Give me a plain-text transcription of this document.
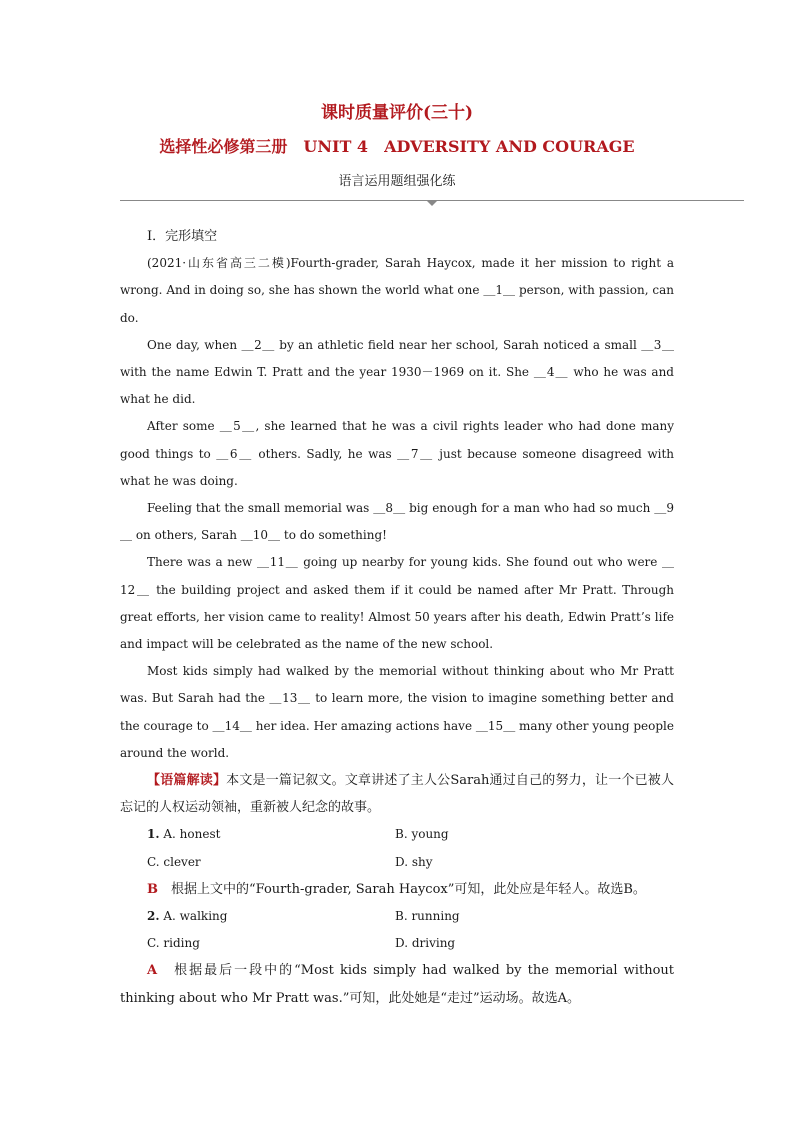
课时质量评价(三十)
选择性必修第三册　UNIT 4　ADVERSITY AND COURAGE
语言运用题组强化练

Ⅰ．完形填空

(2021·山东省高三二模)Fourth-grader, Sarah Haycox, made it her mission to right a wrong. And in doing so, she has shown the world what one ＿1＿ person, with passion, can do.

One day, when ＿2＿ by an athletic field near her school, Sarah noticed a small ＿3＿ with the name Edwin T. Pratt and the year 1930－1969 on it. She ＿4＿ who he was and what he did.

After some ＿5＿, she learned that he was a civil rights leader who had done many good things to ＿6＿ others. Sadly, he was ＿7＿ just because someone disagreed with what he was doing.

Feeling that the small memorial was ＿8＿ big enough for a man who had so much ＿9＿ on others, Sarah ＿10＿ to do something!

There was a new ＿11＿ going up nearby for young kids. She found out who were ＿12＿ the building project and asked them if it could be named after Mr Pratt. Through great efforts, her vision came to reality! Almost 50 years after his death, Edwin Pratt’s life and impact will be celebrated as the name of the new school.

Most kids simply had walked by the memorial without thinking about who Mr Pratt was. But Sarah had the ＿13＿ to learn more, the vision to imagine something better and the courage to ＿14＿ her idea. Her amazing actions have ＿15＿ many other young people around the world.

【语篇解读】本文是一篇记叙文。文章讲述了主人公Sarah通过自己的努力，让一个已被人忘记的人权运动领袖，重新被人纪念的故事。

1. A. honest	B. young
C. clever	D. shy

B　 根据上文中的“Fourth-grader, Sarah Haycox”可知，此处应是年轻人。故选B。

2. A. walking	B. running
C. riding	D. driving

A　 根据最后一段中的“Most kids simply had walked by the memorial without thinking about who Mr Pratt was.”可知，此处她是“走过”运动场。故选A。
